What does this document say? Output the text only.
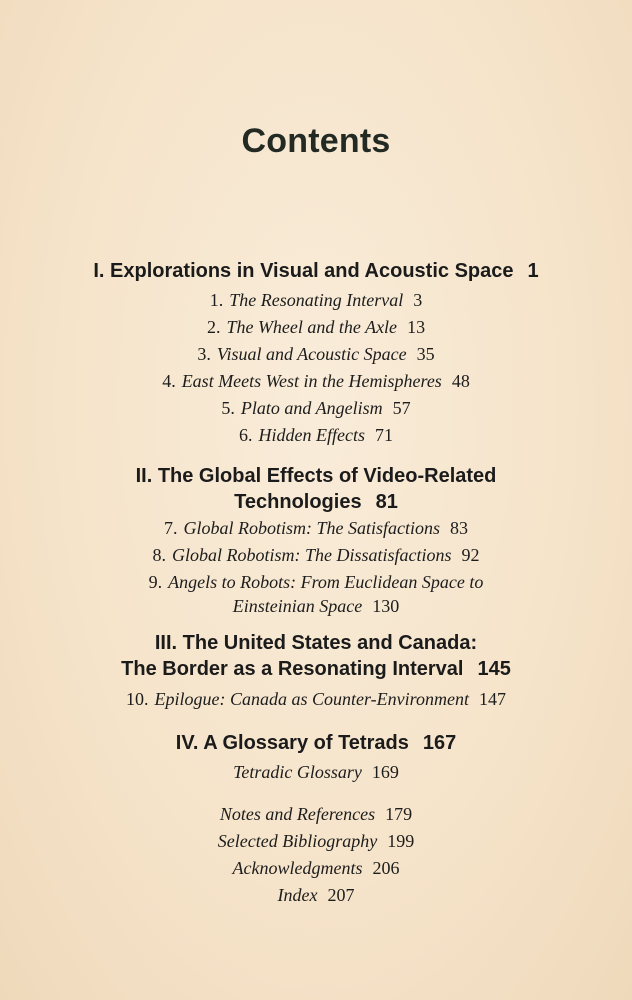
Contents
I. Explorations in Visual and Acoustic Space 1
1. The Resonating Interval 3
2. The Wheel and the Axle 13
3. Visual and Acoustic Space 35
4. East Meets West in the Hemispheres 48
5. Plato and Angelism 57
6. Hidden Effects 71
II. The Global Effects of Video-Related
Technologies 81
7. Global Robotism: The Satisfactions 83
8. Global Robotism: The Dissatisfactions 92
9. Angels to Robots: From Euclidean Space to
Einsteinian Space 130
III. The United States and Canada:
The Border as a Resonating Interval 145
10. Epilogue: Canada as Counter-Environment 147
IV. A Glossary of Tetrads 167
Tetradic Glossary 169
Notes and References 179
Selected Bibliography 199
Acknowledgments 206
Index 207
